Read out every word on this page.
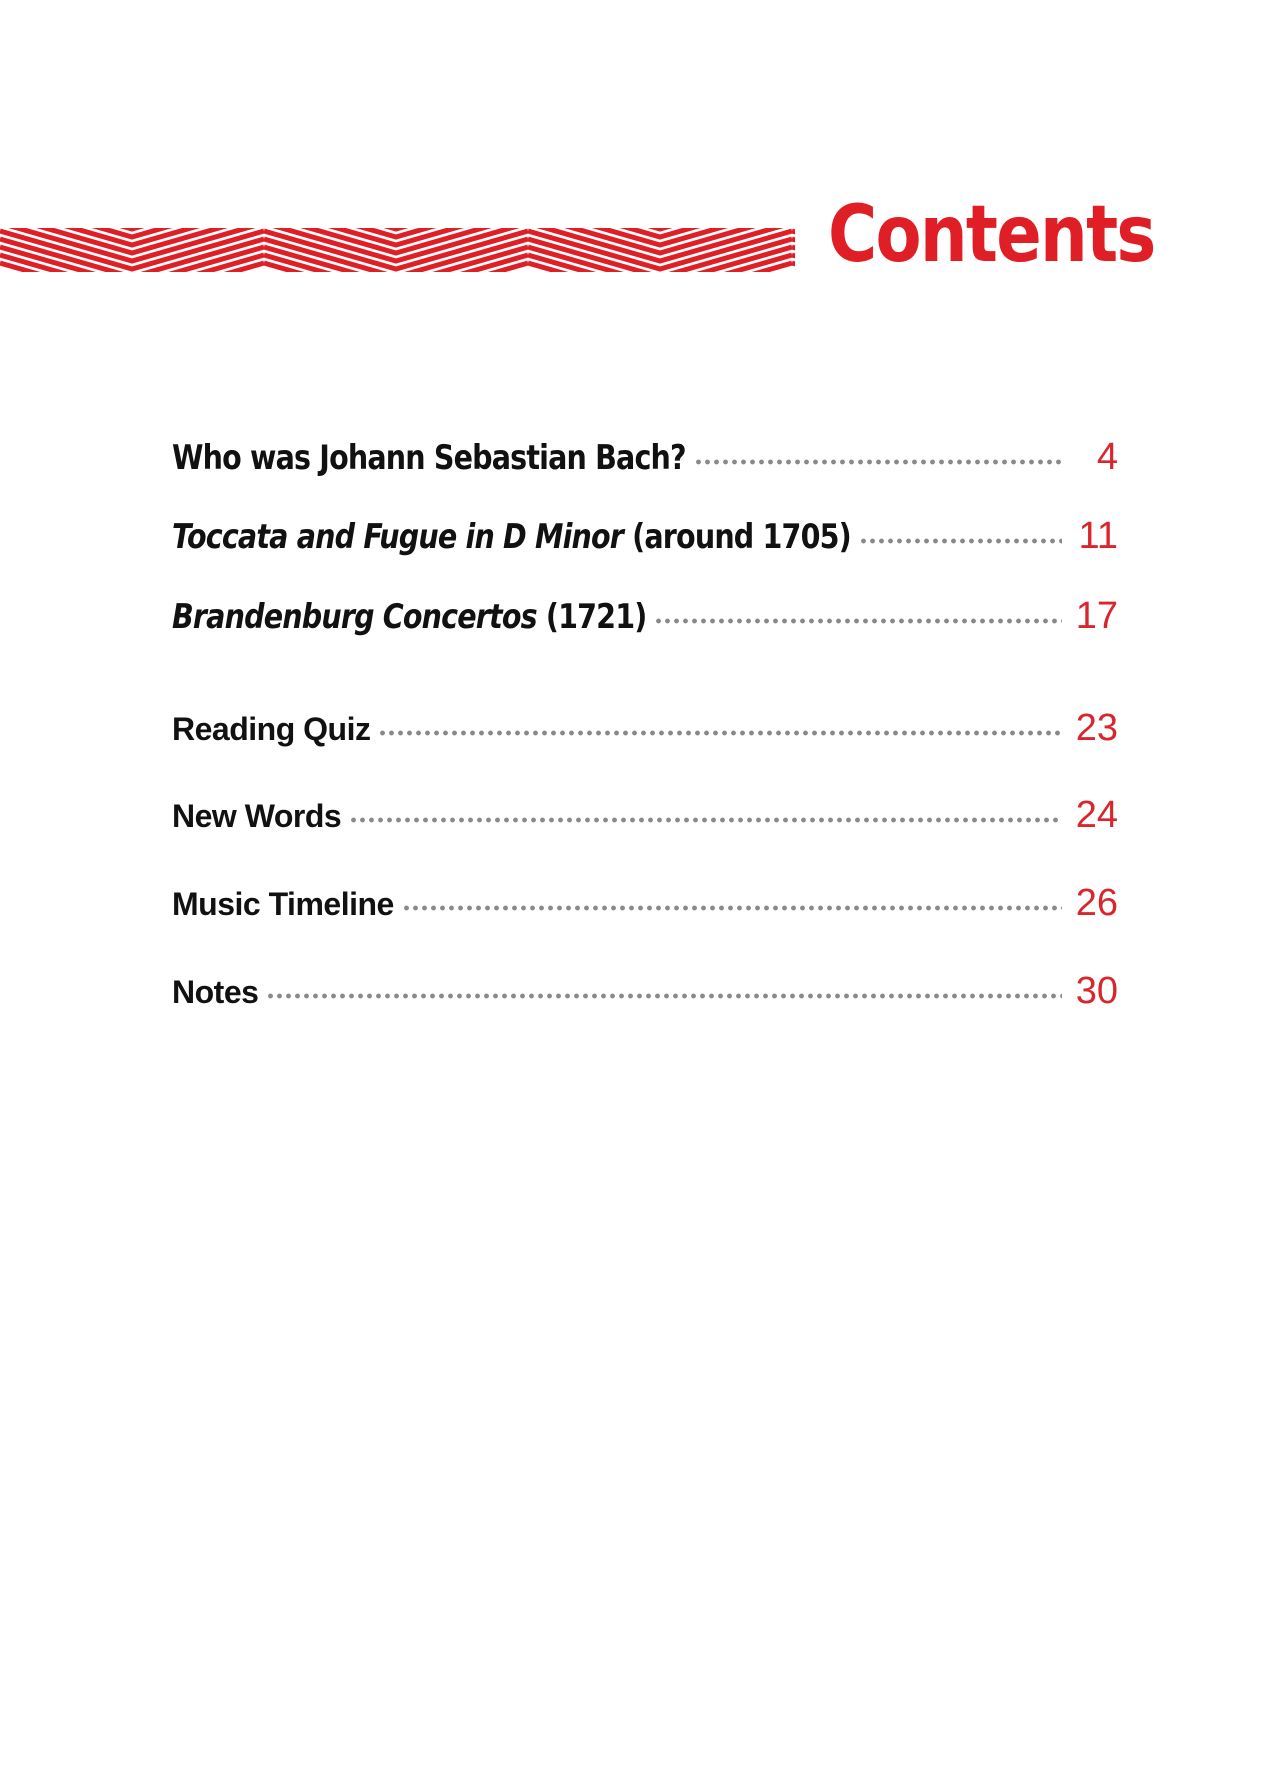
Contents
Who was Johann Sebastian Bach?	4
Toccata and Fugue in D Minor (around 1705)	11
Brandenburg Concertos (1721)	17
Reading Quiz	23
New Words	24
Music Timeline	26
Notes	30
